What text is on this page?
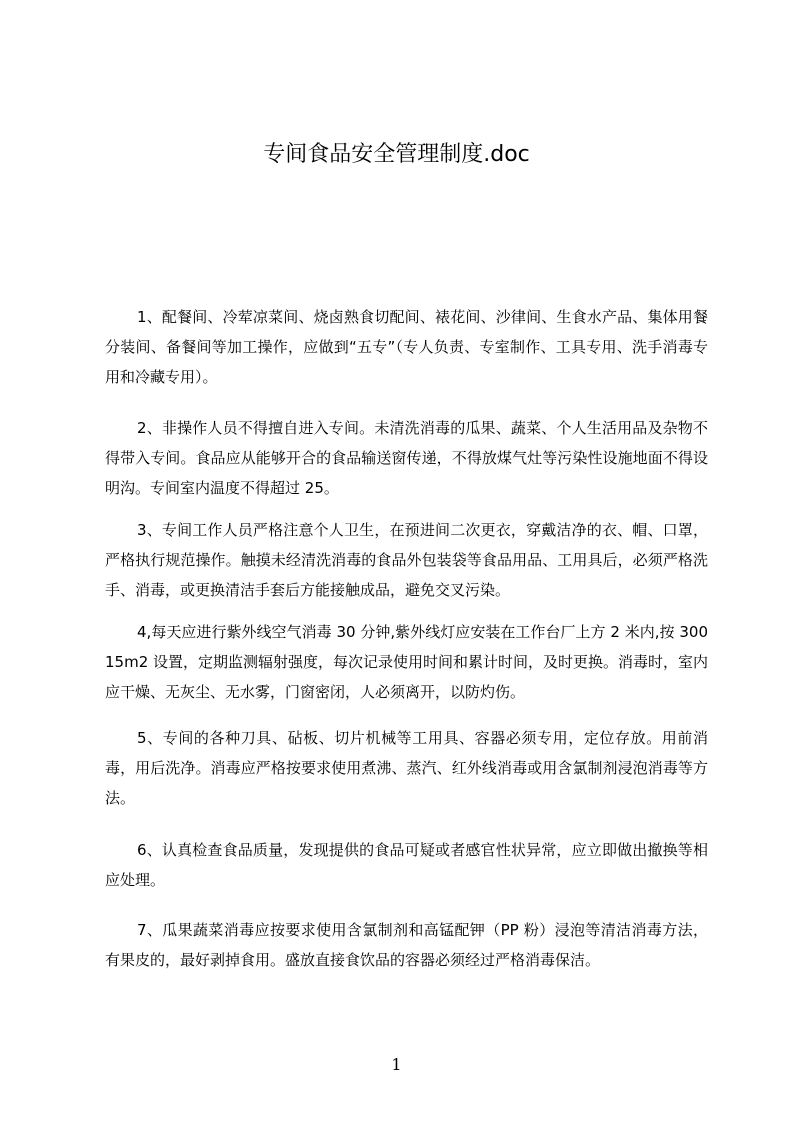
专间食品安全管理制度.doc

1、配餐间、冷荤凉菜间、烧卤熟食切配间、裱花间、沙律间、生食水产品、集体用餐分装间、备餐间等加工操作，应做到“五专”（专人负责、专室制作、工具专用、洗手消毒专用和冷藏专用）。

2、非操作人员不得擅自进入专间。未清洗消毒的瓜果、蔬菜、个人生活用品及杂物不得带入专间。食品应从能够开合的食品输送窗传递，不得放煤气灶等污染性设施地面不得设明沟。专间室内温度不得超过 25。

3、专间工作人员严格注意个人卫生，在预进间二次更衣，穿戴洁净的衣、帽、口罩，严格执行规范操作。触摸未经清洗消毒的食品外包装袋等食品用品、工用具后，必须严格洗手、消毒，或更换清洁手套后方能接触成品，避免交叉污染。

4,每天应进行紫外线空气消毒 30 分钟,紫外线灯应安装在工作台厂上方 2 米内,按 30015m2 设置，定期监测辐射强度，每次记录使用时间和累计时间，及时更换。消毒时，室内应干燥、无灰尘、无水雾，门窗密闭，人必须离开，以防灼伤。

5、专间的各种刀具、砧板、切片机械等工用具、容器必须专用，定位存放。用前消毒，用后洗净。消毒应严格按要求使用煮沸、蒸汽、红外线消毒或用含氯制剂浸泡消毒等方法。

6、认真检查食品质量，发现提供的食品可疑或者感官性状异常，应立即做出撤换等相应处理。

7、瓜果蔬菜消毒应按要求使用含氯制剂和高锰配钾（PP 粉）浸泡等清洁消毒方法，有果皮的，最好剥掉食用。盛放直接食饮品的容器必须经过严格消毒保洁。

1
